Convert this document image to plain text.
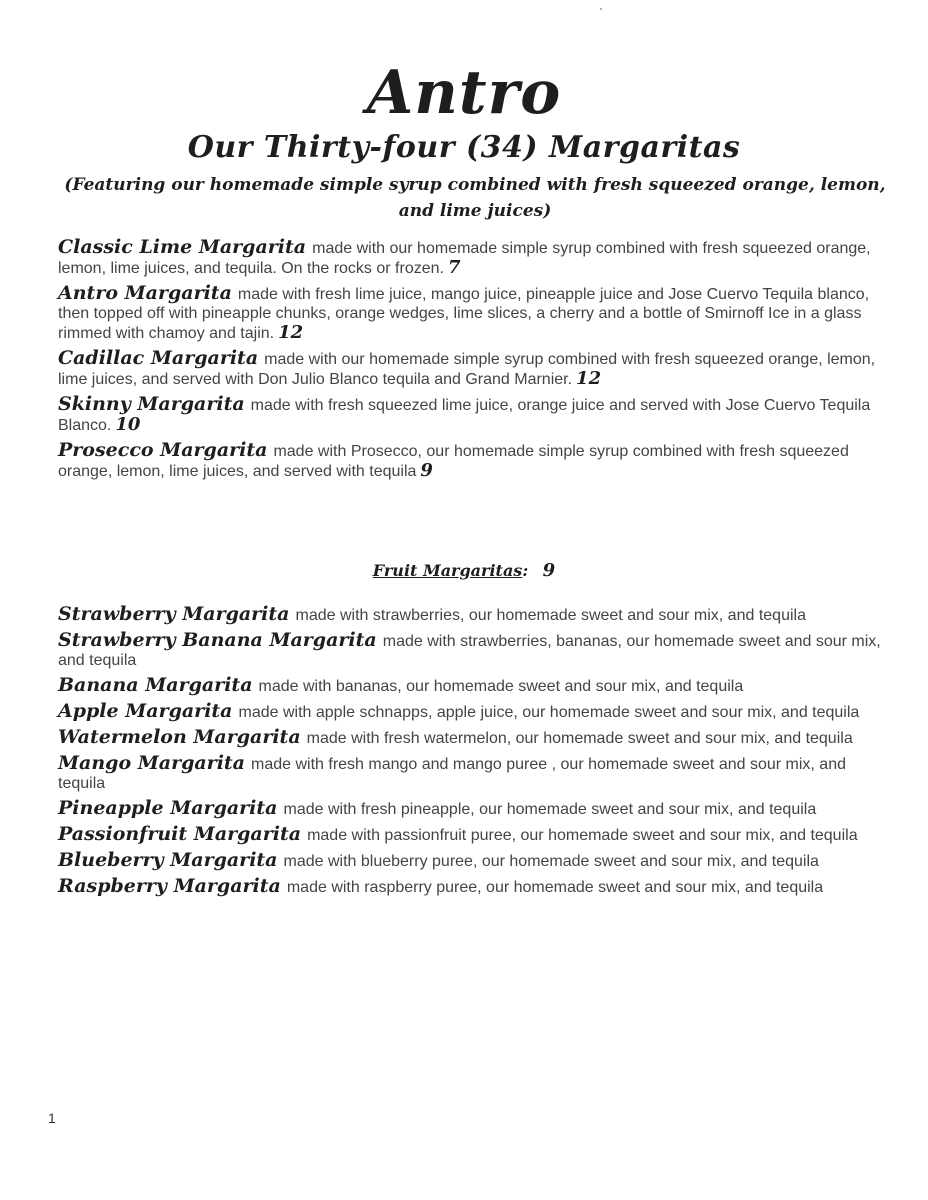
Antro
Our Thirty-four (34) Margaritas
(Featuring our homemade simple syrup combined with fresh squeezed orange, lemon, and lime juices)
Classic Lime Margarita made with our homemade simple syrup combined with fresh squeezed orange, lemon, lime juices, and tequila. On the rocks or frozen. 7
Antro Margarita made with fresh lime juice, mango juice, pineapple juice and Jose Cuervo Tequila blanco, then topped off with pineapple chunks, orange wedges, lime slices, a cherry and a bottle of Smirnoff Ice in a glass rimmed with chamoy and tajin. 12
Cadillac Margarita made with our homemade simple syrup combined with fresh squeezed orange, lemon, lime juices, and served with Don Julio Blanco tequila and Grand Marnier. 12
Skinny Margarita made with fresh squeezed lime juice, orange juice and served with Jose Cuervo Tequila Blanco. 10
Prosecco Margarita made with Prosecco, our homemade simple syrup combined with fresh squeezed orange, lemon, lime juices, and served with tequila 9
Fruit Margaritas: 9
Strawberry Margarita made with strawberries, our homemade sweet and sour mix, and tequila
Strawberry Banana Margarita made with strawberries, bananas, our homemade sweet and sour mix, and tequila
Banana Margarita made with bananas, our homemade sweet and sour mix, and tequila
Apple Margarita made with apple schnapps, apple juice, our homemade sweet and sour mix, and tequila
Watermelon Margarita made with fresh watermelon, our homemade sweet and sour mix, and tequila
Mango Margarita made with fresh mango and mango puree , our homemade sweet and sour mix, and tequila
Pineapple Margarita made with fresh pineapple, our homemade sweet and sour mix, and tequila
Passionfruit Margarita made with passionfruit puree, our homemade sweet and sour mix, and tequila
Blueberry Margarita made with blueberry puree, our homemade sweet and sour mix, and tequila
Raspberry Margarita made with raspberry puree, our homemade sweet and sour mix, and tequila
1
